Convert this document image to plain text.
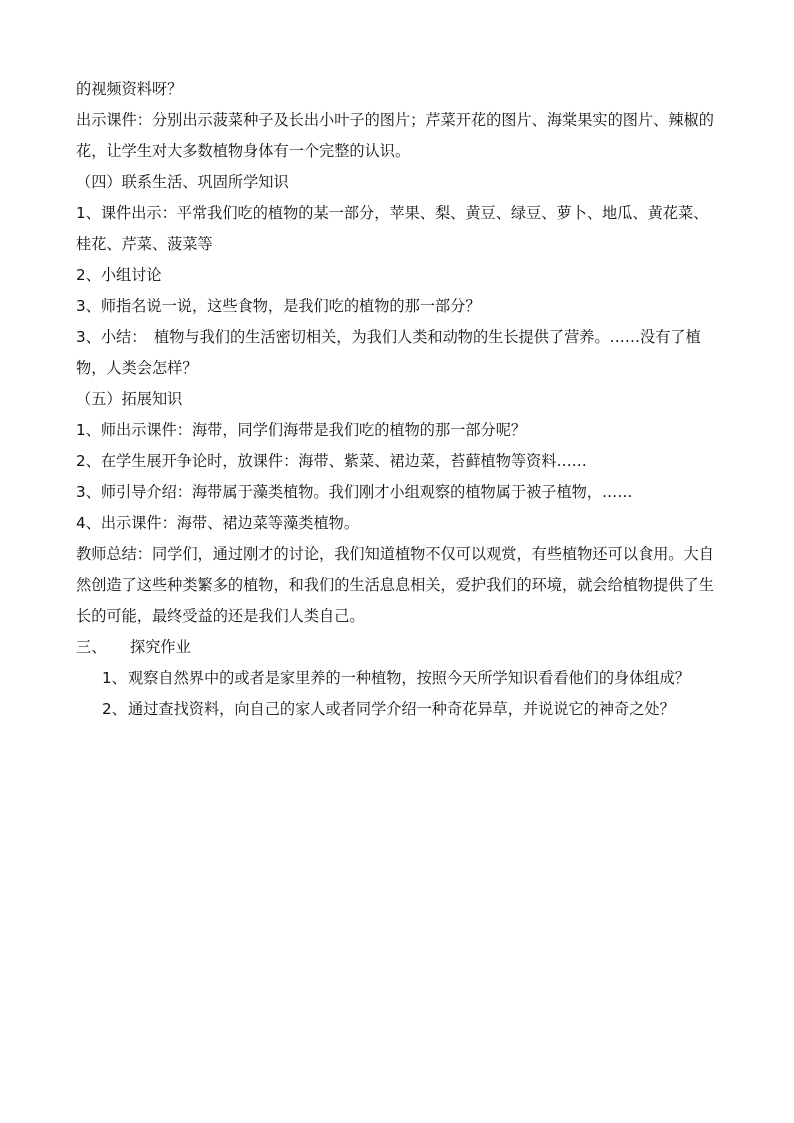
的视频资料呀？

出示课件：分别出示菠菜种子及长出小叶子的图片；芹菜开花的图片、海棠果实的图片、辣椒的花，让学生对大多数植物身体有一个完整的认识。

（四）联系生活、巩固所学知识

1、课件出示：平常我们吃的植物的某一部分，苹果、梨、黄豆、绿豆、萝卜、地瓜、黄花菜、桂花、芹菜、菠菜等

2、小组讨论

3、师指名说一说，这些食物，是我们吃的植物的那一部分？

3、小结：　植物与我们的生活密切相关，为我们人类和动物的生长提供了营养。……没有了植物，人类会怎样？

（五）拓展知识

1、师出示课件：海带，同学们海带是我们吃的植物的那一部分呢？

2、在学生展开争论时，放课件：海带、紫菜、裙边菜，苔藓植物等资料……

3、师引导介绍：海带属于藻类植物。我们刚才小组观察的植物属于被子植物，……

4、出示课件：海带、裙边菜等藻类植物。

教师总结：同学们，通过刚才的讨论，我们知道植物不仅可以观赏，有些植物还可以食用。大自然创造了这些种类繁多的植物，和我们的生活息息相关，爱护我们的环境，就会给植物提供了生长的可能，最终受益的还是我们人类自己。

三、	探究作业
1、 观察自然界中的或者是家里养的一种植物，按照今天所学知识看看他们的身体组成？
2、 通过查找资料，向自己的家人或者同学介绍一种奇花异草，并说说它的神奇之处？
